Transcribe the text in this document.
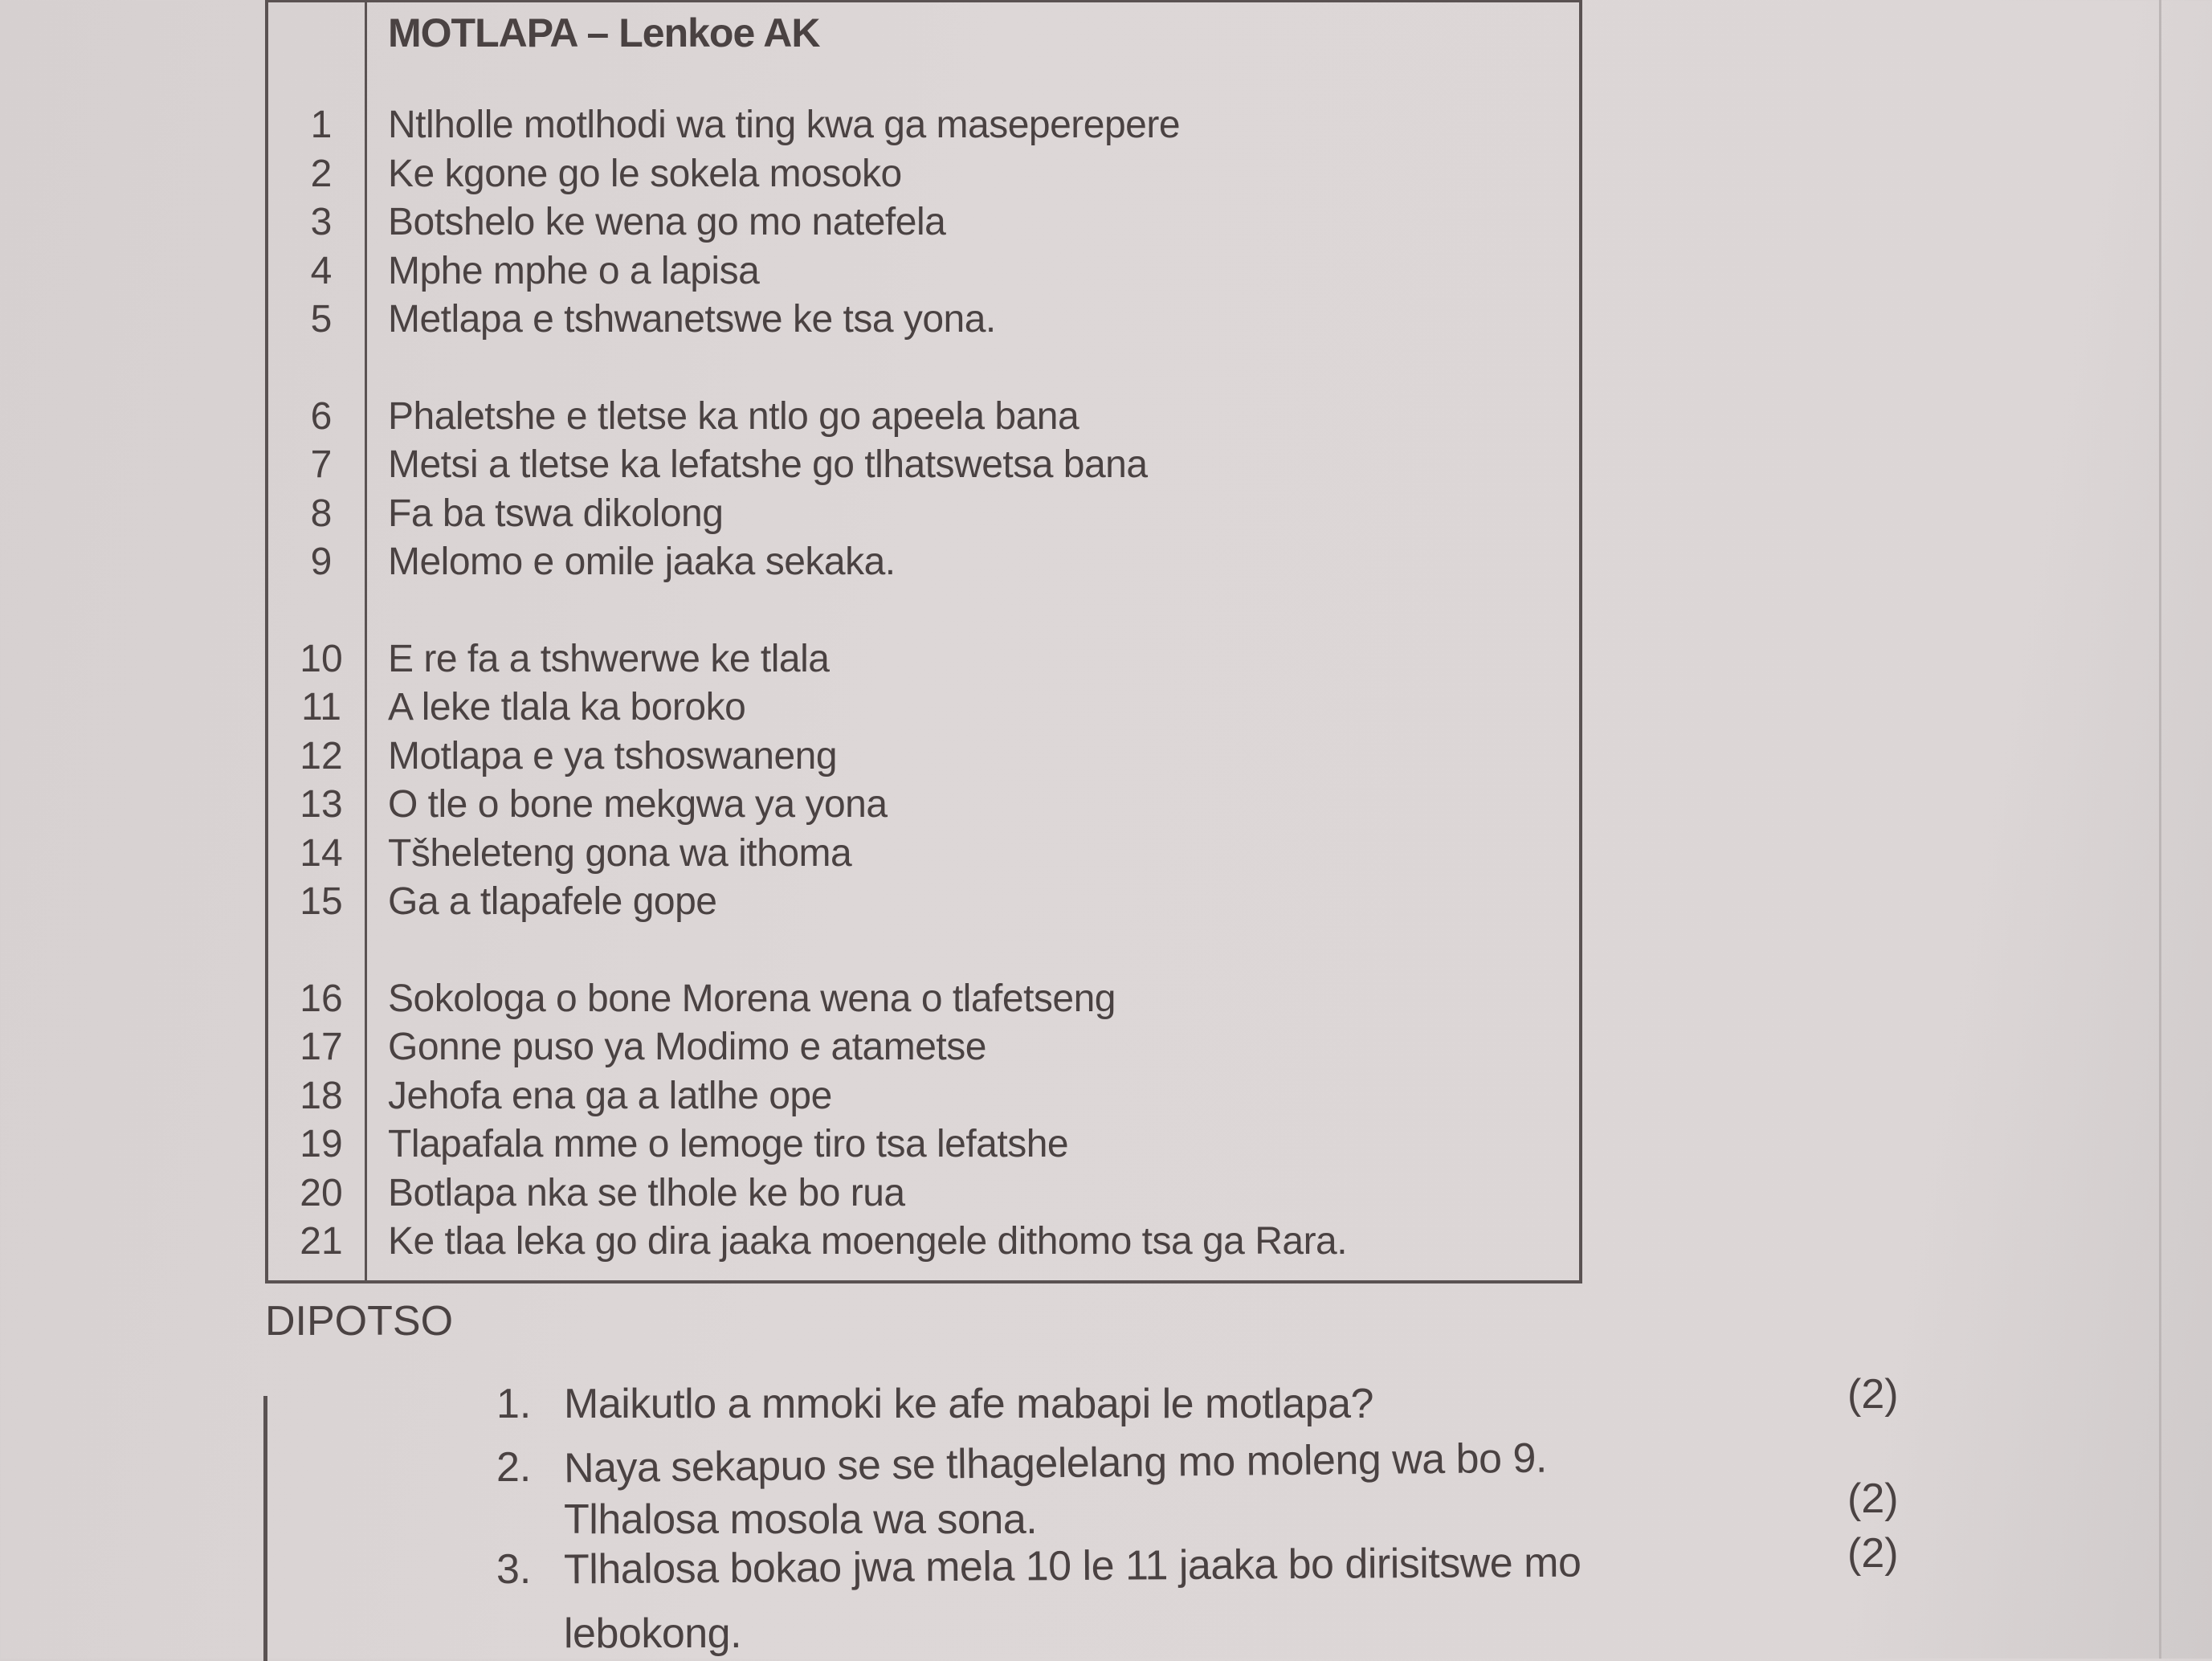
MOTLAPA – Lenkoe AK
1	Ntlholle motlhodi wa ting kwa ga maseperepere
2	Ke kgone go le sokela mosoko
3	Botshelo ke wena go mo natefela
4	Mphe mphe o a lapisa
5	Metlapa e tshwanetswe ke tsa yona.
6	Phaletshe e tletse ka ntlo go apeela bana
7	Metsi a tletse ka lefatshe go tlhatswetsa bana
8	Fa ba tswa dikolong
9	Melomo e omile jaaka sekaka.
10	E re fa a tshwerwe ke tlala
11	A leke tlala ka boroko
12	Motlapa e ya tshoswaneng
13	O tle o bone mekgwa ya yona
14	Tšheleteng gona wa ithoma
15	Ga a tlapafele gope
16	Sokologa o bone Morena wena o tlafetseng
17	Gonne puso ya Modimo e atametse
18	Jehofa ena ga a latlhe ope
19	Tlapafala mme o lemoge tiro tsa lefatshe
20	Botlapa nka se tlhole ke bo rua
21	Ke tlaa leka go dira jaaka moengele dithomo tsa ga Rara.
DIPOTSO
1. Maikutlo a mmoki ke afe mabapi le motlapa?	(2)
2. Naya sekapuo se se tlhagelelang mo moleng wa bo 9.
Tlhalosa mosola wa sona.	(2)
3. Tlhalosa bokao jwa mela 10 le 11 jaaka bo dirisitswe mo
lebokong.
(2)
